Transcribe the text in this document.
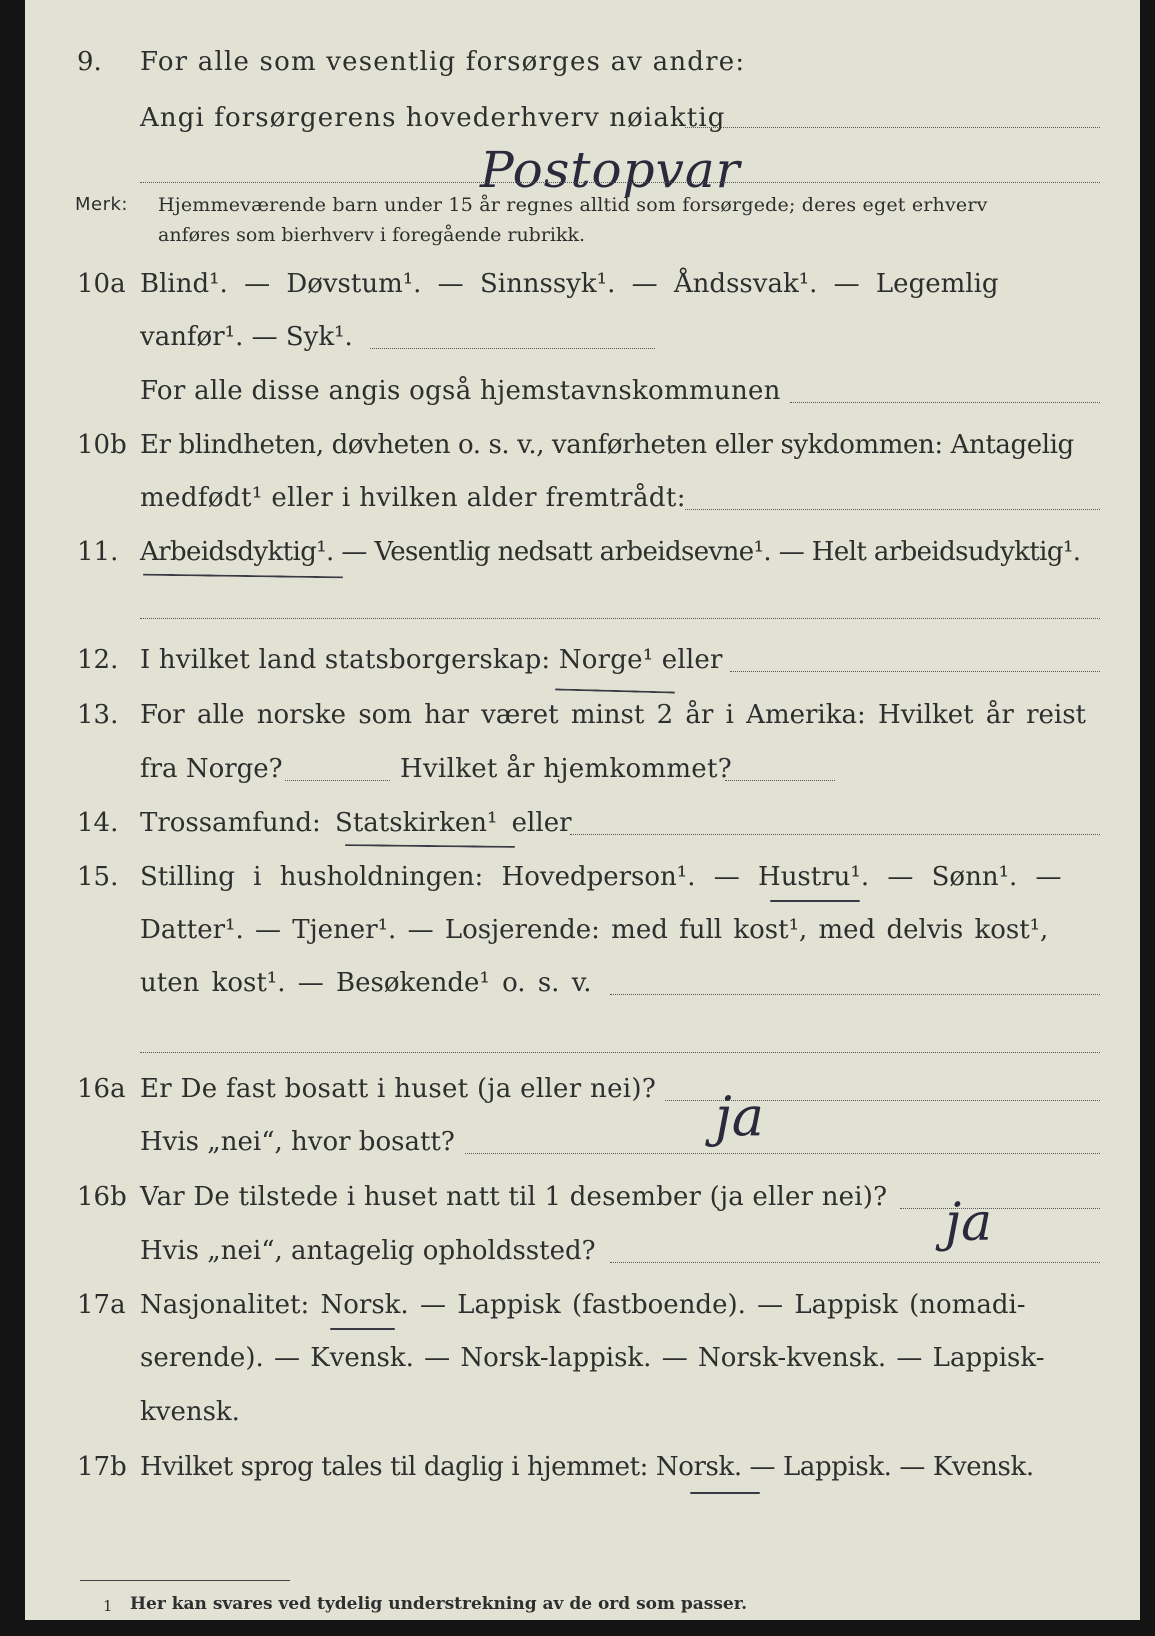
9. For alle som vesentlig forsørges av andre:
Angi forsørgerens hovederhverv nøiaktig
Postopvar
Merk: Hjemmeværende barn under 15 år regnes alltid som forsørgede; deres eget erhverv
anføres som bierhverv i foregående rubrikk.
10a Blind¹. — Døvstum¹. — Sinnssyk¹. — Åndssvak¹. — Legemlig
vanfør¹. — Syk¹.
For alle disse angis også hjemstavnskommunen
10b Er blindheten, døvheten o. s. v., vanførheten eller sykdommen: Antagelig
medfødt¹ eller i hvilken alder fremtrådt:
11. Arbeidsdyktig¹. — Vesentlig nedsatt arbeidsevne¹. — Helt arbeidsudyktig¹.
12. I hvilket land statsborgerskap: Norge¹ eller
13. For alle norske som har været minst 2 år i Amerika: Hvilket år reist
fra Norge?	Hvilket år hjemkommet?
14. Trossamfund: Statskirken¹ eller
15. Stilling i husholdningen: Hovedperson¹. — Hustru¹. — Sønn¹. —
Datter¹. — Tjener¹. — Losjerende: med full kost¹, med delvis kost¹,
uten kost¹. — Besøkende¹ o. s. v.
16a Er De fast bosatt i huset (ja eller nei)? ja
Hvis „nei“, hvor bosatt?
16b Var De tilstede i huset natt til 1 desember (ja eller nei)? ja
Hvis „nei“, antagelig opholdssted?
17a Nasjonalitet: Norsk. — Lappisk (fastboende). — Lappisk (nomadi-
serende). — Kvensk. — Norsk-lappisk. — Norsk-kvensk. — Lappisk-
kvensk.
17b Hvilket sprog tales til daglig i hjemmet: Norsk. — Lappisk. — Kvensk.
1 Her kan svares ved tydelig understrekning av de ord som passer.
